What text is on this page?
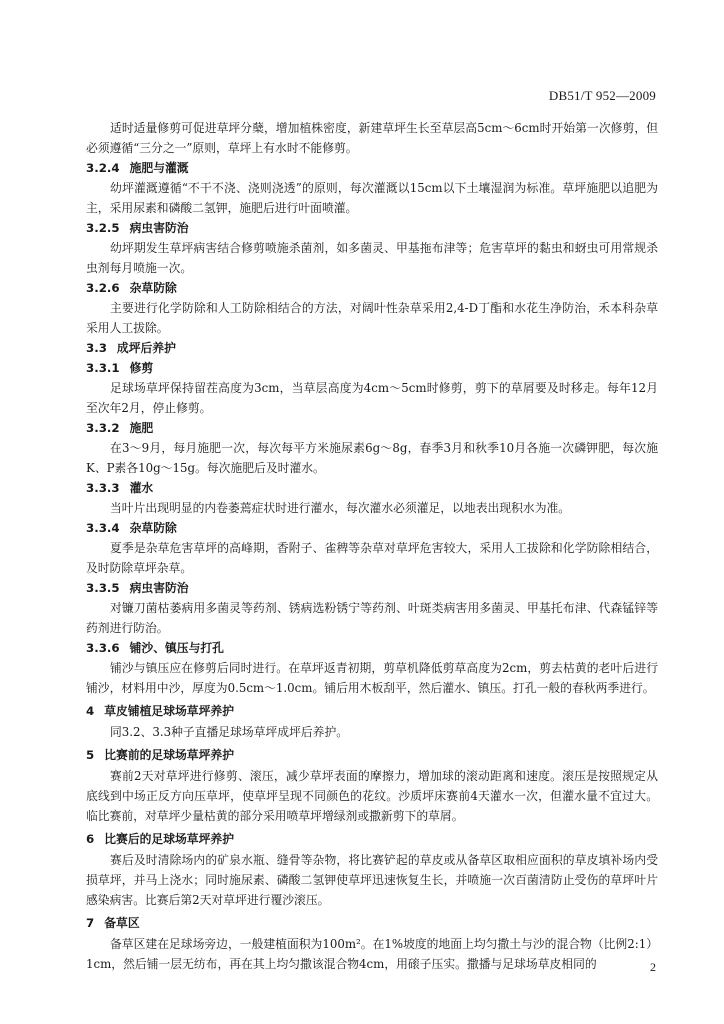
DB51/T 952—2009

适时适量修剪可促进草坪分蘖，增加植株密度，新建草坪生长至草层高5cm～6cm时开始第一次修剪，但必须遵循“三分之一”原则，草坪上有水时不能修剪。

3.2.4 施肥与灌溉

幼坪灌溉遵循“不干不浇、浇则浇透”的原则，每次灌溉以15cm以下土壤湿润为标准。草坪施肥以追肥为主，采用尿素和磷酸二氢钾，施肥后进行叶面喷灌。

3.2.5 病虫害防治

幼坪期发生草坪病害结合修剪喷施杀菌剂，如多菌灵、甲基拖布津等；危害草坪的黏虫和蚜虫可用常规杀虫剂每月喷施一次。

3.2.6 杂草防除

主要进行化学防除和人工防除相结合的方法，对阔叶性杂草采用2,4-D丁酯和水花生净防治，禾本科杂草采用人工拔除。

3.3 成坪后养护
3.3.1 修剪

足球场草坪保持留茬高度为3cm，当草层高度为4cm～5cm时修剪，剪下的草屑要及时移走。每年12月至次年2月，停止修剪。

3.3.2 施肥

在3～9月，每月施肥一次，每次每平方米施尿素6g～8g，春季3月和秋季10月各施一次磷钾肥，每次施K、P素各10g～15g。每次施肥后及时灌水。

3.3.3 灌水

当叶片出现明显的内卷萎蔫症状时进行灌水，每次灌水必须灌足，以地表出现积水为准。

3.3.4 杂草防除

夏季是杂草危害草坪的高峰期，香附子、雀稗等杂草对草坪危害较大，采用人工拔除和化学防除相结合，及时防除草坪杂草。

3.3.5 病虫害防治

对镰刀菌枯萎病用多菌灵等药剂、锈病选粉锈宁等药剂、叶斑类病害用多菌灵、甲基托布津、代森锰锌等药剂进行防治。

3.3.6 铺沙、镇压与打孔

铺沙与镇压应在修剪后同时进行。在草坪返青初期，剪草机降低剪草高度为2cm，剪去枯黄的老叶后进行铺沙，材料用中沙，厚度为0.5cm～1.0cm。铺后用木板刮平，然后灌水、镇压。打孔一般的春秋两季进行。

4 草皮铺植足球场草坪养护

同3.2、3.3种子直播足球场草坪成坪后养护。

5 比赛前的足球场草坪养护

赛前2天对草坪进行修剪、滚压，减少草坪表面的摩擦力，增加球的滚动距离和速度。滚压是按照规定从底线到中场正反方向压草坪，使草坪呈现不同颜色的花纹。沙质坪床赛前4天灌水一次，但灌水量不宜过大。临比赛前，对草坪少量枯黄的部分采用喷草坪增绿剂或撒新剪下的草屑。

6 比赛后的足球场草坪养护

赛后及时清除场内的矿泉水瓶、缝骨等杂物，将比赛铲起的草皮或从备草区取相应面积的草皮填补场内受损草坪，并马上浇水；同时施尿素、磷酸二氢钾使草坪迅速恢复生长，并喷施一次百菌清防止受伤的草坪叶片感染病害。比赛后第2天对草坪进行覆沙滚压。

7 备草区

备草区建在足球场旁边，一般建植面积为100m²。在1%坡度的地面上均匀撒土与沙的混合物（比例2:1）1cm，然后铺一层无纺布，再在其上均匀撒该混合物4cm，用磙子压实。撒播与足球场草皮相同的	2
